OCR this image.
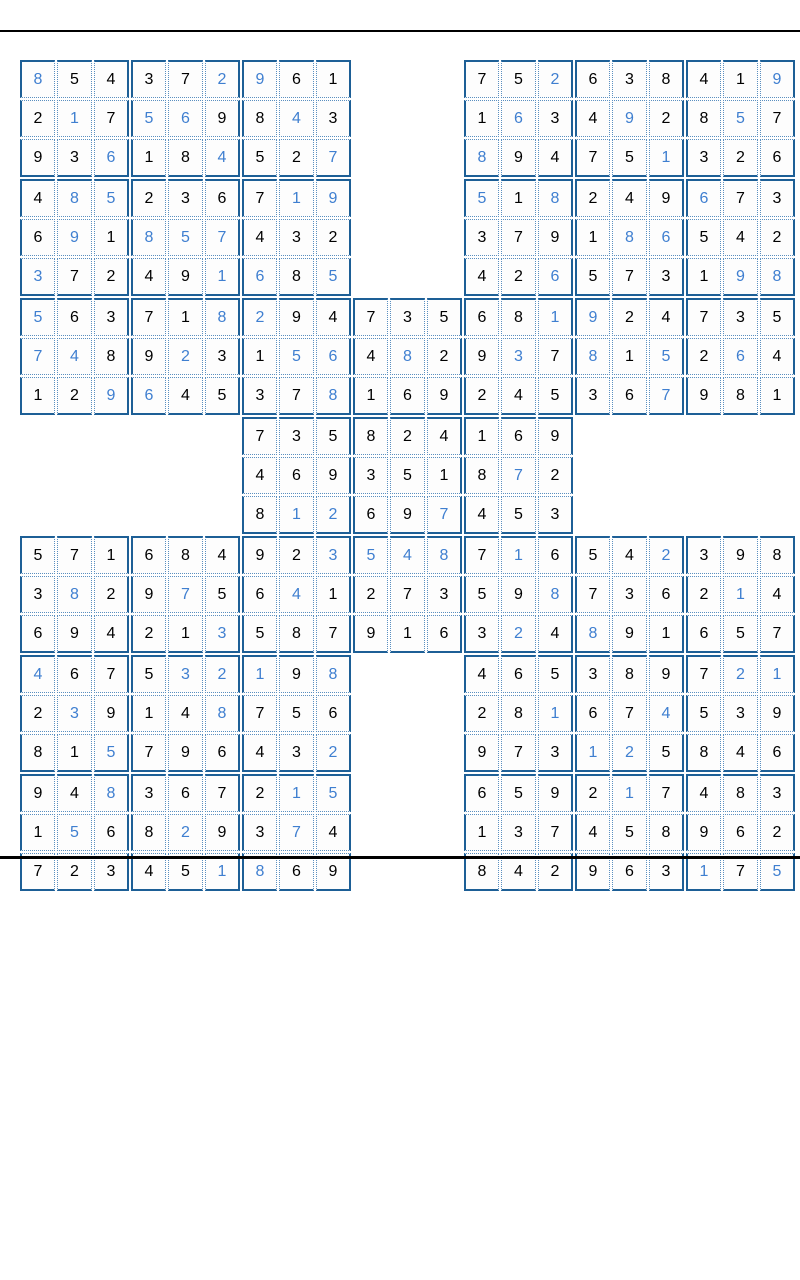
8	5	4	3	7	2	9	6	1				7	5	2	6	3	8	4	1	9
2	1	7	5	6	9	8	4	3				1	6	3	4	9	2	8	5	7
9	3	6	1	8	4	5	2	7				8	9	4	7	5	1	3	2	6
4	8	5	2	3	6	7	1	9				5	1	8	2	4	9	6	7	3
6	9	1	8	5	7	4	3	2				3	7	9	1	8	6	5	4	2
3	7	2	4	9	1	6	8	5				4	2	6	5	7	3	1	9	8
5	6	3	7	1	8	2	9	4	7	3	5	6	8	1	9	2	4	7	3	5
7	4	8	9	2	3	1	5	6	4	8	2	9	3	7	8	1	5	2	6	4
1	2	9	6	4	5	3	7	8	1	6	9	2	4	5	3	6	7	9	8	1
						7	3	5	8	2	4	1	6	9						
						4	6	9	3	5	1	8	7	2						
						8	1	2	6	9	7	4	5	3						
5	7	1	6	8	4	9	2	3	5	4	8	7	1	6	5	4	2	3	9	8
3	8	2	9	7	5	6	4	1	2	7	3	5	9	8	7	3	6	2	1	4
6	9	4	2	1	3	5	8	7	9	1	6	3	2	4	8	9	1	6	5	7
4	6	7	5	3	2	1	9	8				4	6	5	3	8	9	7	2	1
2	3	9	1	4	8	7	5	6				2	8	1	6	7	4	5	3	9
8	1	5	7	9	6	4	3	2				9	7	3	1	2	5	8	4	6
9	4	8	3	6	7	2	1	5				6	5	9	2	1	7	4	8	3
1	5	6	8	2	9	3	7	4				1	3	7	4	5	8	9	6	2
7	2	3	4	5	1	8	6	9				8	4	2	9	6	3	1	7	5
